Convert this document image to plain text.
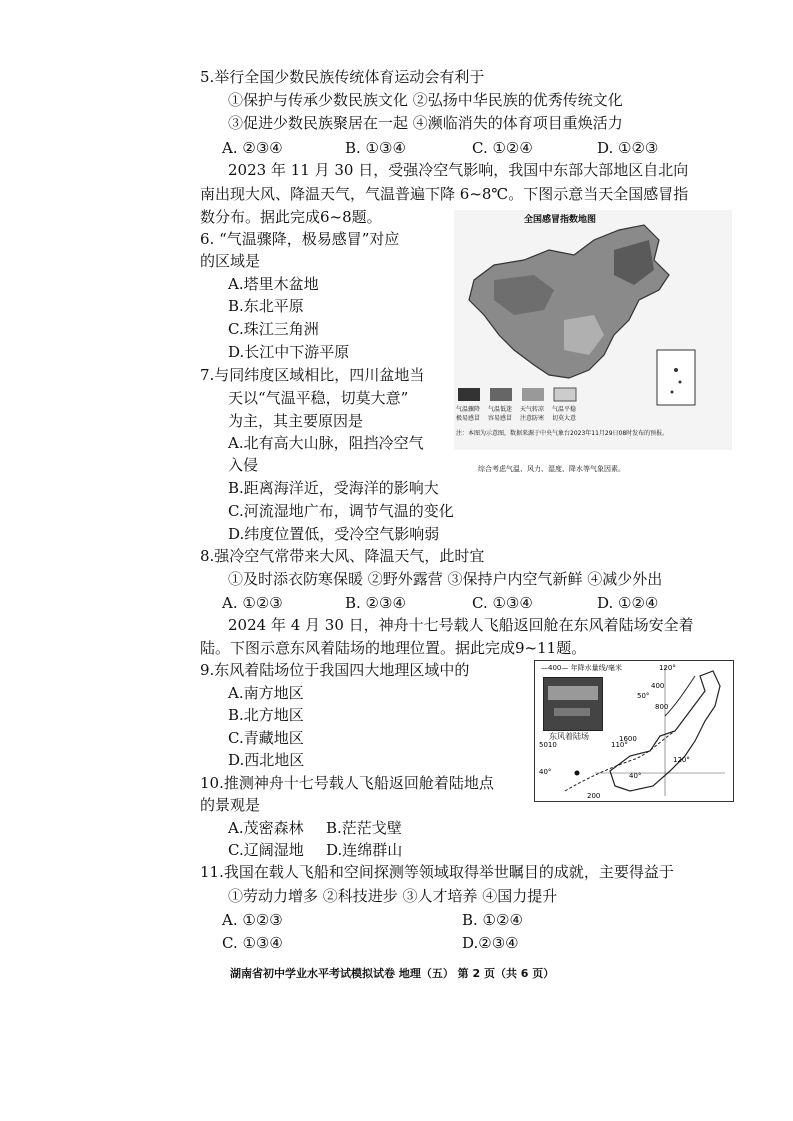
5.举行全国少数民族传统体育运动会有利于
①保护与传承少数民族文化 ②弘扬中华民族的优秀传统文化
③促进少数民族聚居在一起 ④濒临消失的体育项目重焕活力
A. ②③④	B. ①③④	C. ①②④	D. ①②③
2023 年 11 月 30 日，受强冷空气影响，我国中东部大部地区自北向
南出现大风、降温天气，气温普遍下降 6~8℃。下图示意当天全国感冒指
数分布。据此完成6~8题。
6. “气温骤降，极易感冒”对应
的区域是
A.塔里木盆地
B.东北平原
C.珠江三角洲
D.长江中下游平原
全国感冒指数地图
气温骤降
极易感冒
气温低迷
容易感冒
天气转凉
注意防寒
气温平稳
切莫大意
注：本图为示意图，数据来源于中央气象台2023年11月29日08时发布的预报。
综合考虑气温、风力、湿度、降水等气象因素。
7.与同纬度区域相比，四川盆地当
天以“气温平稳，切莫大意”
为主，其主要原因是
A.北有高大山脉，阻挡冷空气
入侵
B.距离海洋近，受海洋的影响大
C.河流湿地广布，调节气温的变化
D.纬度位置低，受冷空气影响弱
8.强冷空气常带来大风、降温天气，此时宜
①及时添衣防寒保暖 ②野外露营 ③保持户内空气新鲜 ④减少外出
A. ①②③	B. ②③④	C. ①③④	D. ①②④
2024 年 4 月 30 日，神舟十七号载人飞船返回舱在东风着陆场安全着
陆。下图示意东风着陆场的地理位置。据此完成9~11题。
9.东风着陆场位于我国四大地理区域中的
A.南方地区
B.北方地区
C.青藏地区
D.西北地区
—400— 年降水量线/毫米
东风着陆场
120°
400
50°
800
1600
5010
40°
110°
40°
120°
200
10.推测神舟十七号载人飞船返回舱着陆地点
的景观是
A.茂密森林 B.茫茫戈壁
C.辽阔湿地 D.连绵群山
11.我国在载人飞船和空间探测等领域取得举世瞩目的成就，主要得益于
①劳动力增多 ②科技进步 ③人才培养 ④国力提升
A. ①②③	B. ①②④
C. ①③④	D.②③④
湖南省初中学业水平考试模拟试卷 地理（五） 第 2 页（共 6 页）
